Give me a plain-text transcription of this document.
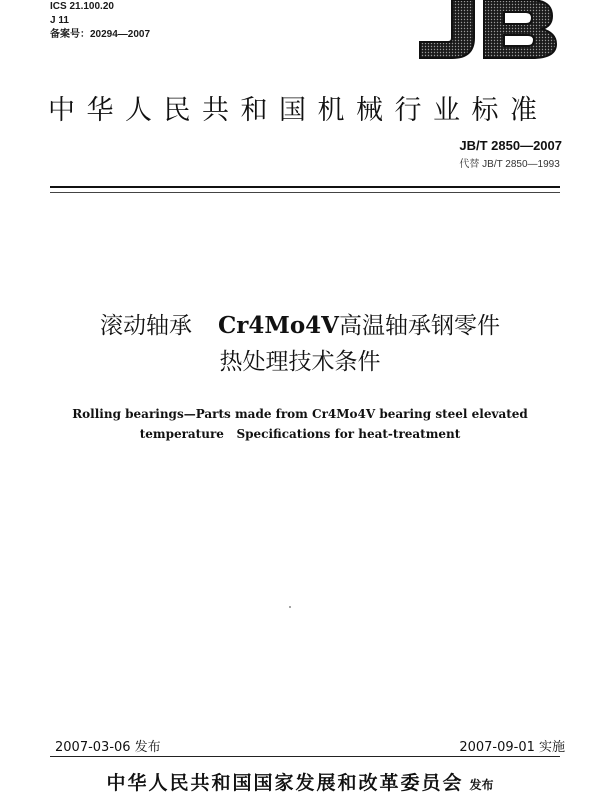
ICS 21.100.20
J 11
备案号：20294—2007
中华人民共和国机械行业标准
JB/T 2850—2007
代替 JB/T 2850—1993
滚动轴承 Cr4Mo4V高温轴承钢零件
热处理技术条件
Rolling bearings—Parts made from Cr4Mo4V bearing steel elevated
temperature   Specifications for heat-treatment
2007-03-06 发布	2007-09-01 实施
中华人民共和国国家发展和改革委员会 发布
